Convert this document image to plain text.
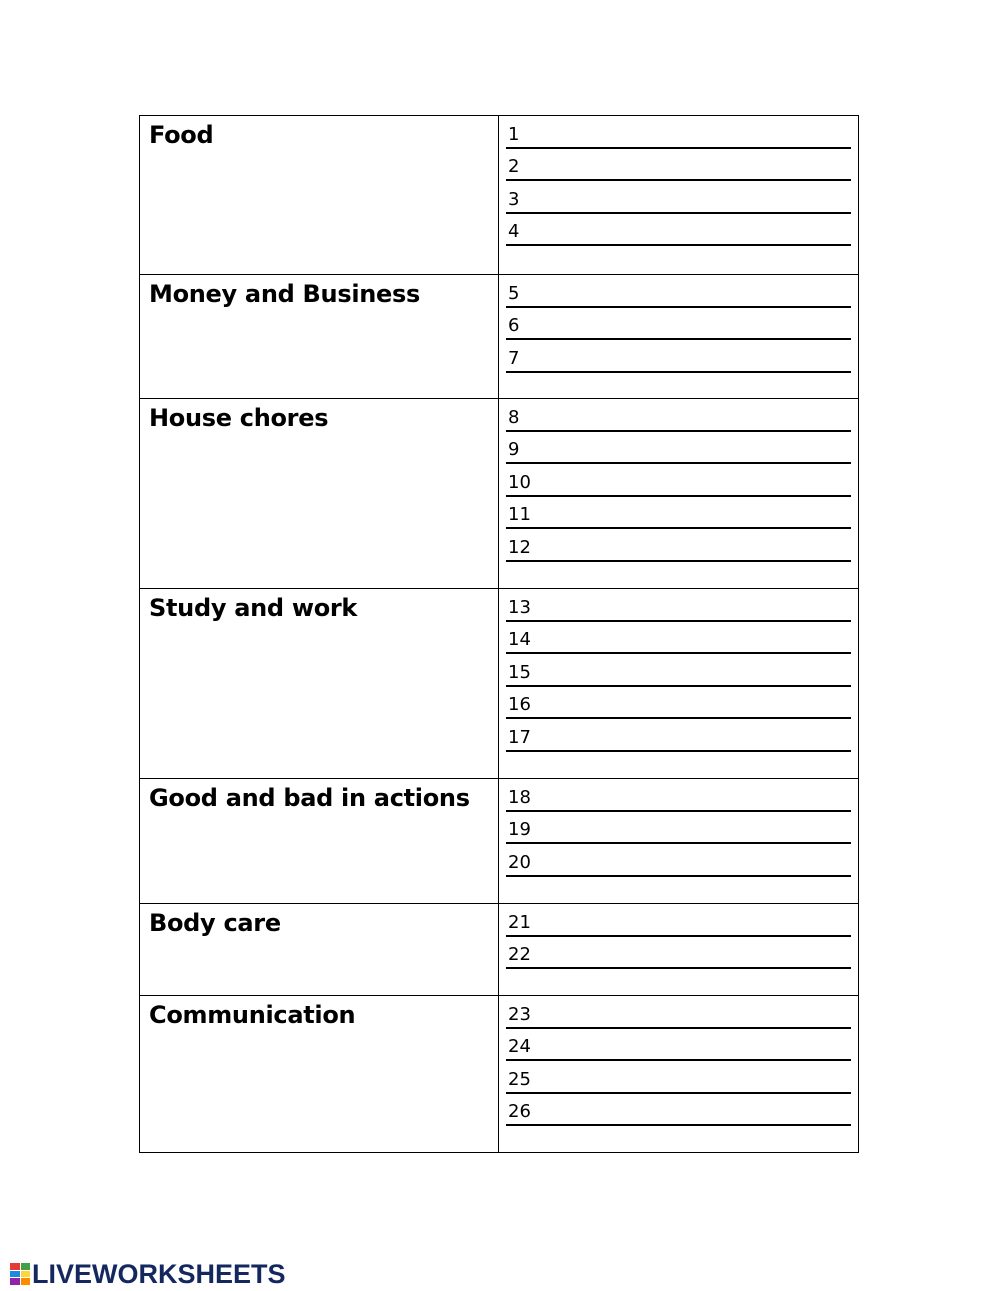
Food	1
2
3
4
Money and Business	5
6
7
House chores	8
9
10
11
12
Study and work	13
14
15
16
17
Good and bad in actions	18
19
20
Body care	21
22
Communication	23
24
25
26
LIVEWORKSHEETS
